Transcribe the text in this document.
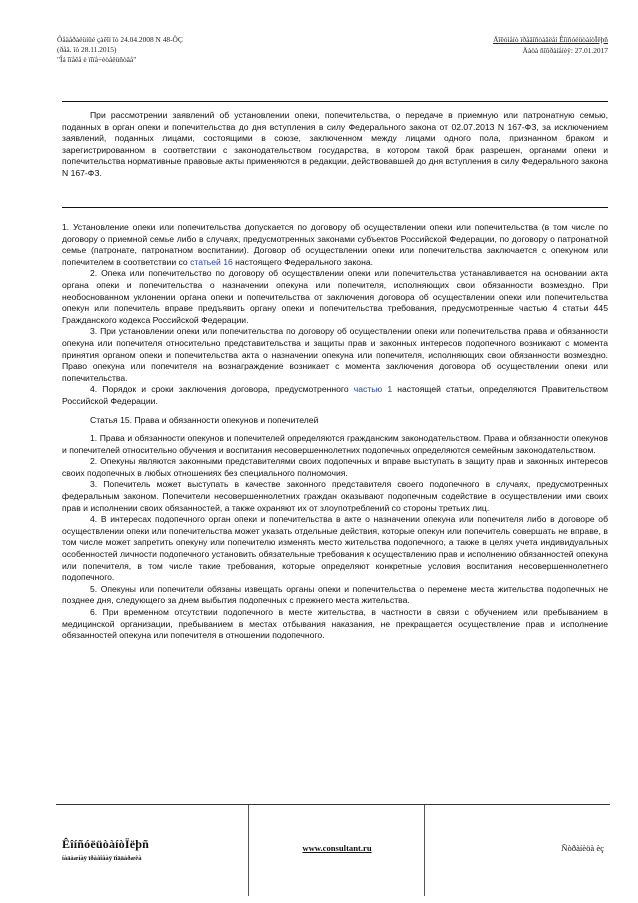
Ôåäåðàëüíûé çàêîí îò 24.04.2008 N 48-ÔÇ
(ðåä. îò 28.11.2015)
"Îá îïåêå è ïîïå÷èòåëüñòâå"
Äîêóìåíò ïðåäîñòàâëåí ÊîíñóëüòàíòÏëþñ
Äàòà ñîõðàíåíèÿ: 27.01.2017

При рассмотрении заявлений об установлении опеки, попечительства, о передаче в приемную или патронатную семью, поданных в орган опеки и попечительства до дня вступления в силу Федерального закона от 02.07.2013 N 167-ФЗ, за исключением заявлений, поданных лицами, состоящими в союзе, заключенном между лицами одного пола, признанном браком и зарегистрированном в соответствии с законодательством государства, в котором такой брак разрешен, органами опеки и попечительства нормативные правовые акты применяются в редакции, действовавшей до дня вступления в силу Федерального закона N 167-ФЗ.

1. Установление опеки или попечительства допускается по договору об осуществлении опеки или попечительства (в том числе по договору о приемной семье либо в случаях, предусмотренных законами субъектов Российской Федерации, по договору о патронатной семье (патронате, патронатном воспитании). Договор об осуществлении опеки или попечительства заключается с опекуном или попечителем в соответствии со статьей 16 настоящего Федерального закона.

2. Опека или попечительство по договору об осуществлении опеки или попечительства устанавливается на основании акта органа опеки и попечительства о назначении опекуна или попечителя, исполняющих свои обязанности возмездно. При необоснованном уклонении органа опеки и попечительства от заключения договора об осуществлении опеки или попечительства опекун или попечитель вправе предъявить органу опеки и попечительства требования, предусмотренные частью 4 статьи 445 Гражданского кодекса Российской Федерации.

3. При установлении опеки или попечительства по договору об осуществлении опеки или попечительства права и обязанности опекуна или попечителя относительно представительства и защиты прав и законных интересов подопечного возникают с момента принятия органом опеки и попечительства акта о назначении опекуна или попечителя, исполняющих свои обязанности возмездно. Право опекуна или попечителя на вознаграждение возникает с момента заключения договора об осуществлении опеки или попечительства.

4. Порядок и сроки заключения договора, предусмотренного частью 1 настоящей статьи, определяются Правительством Российской Федерации.

Статья 15. Права и обязанности опекунов и попечителей

1. Права и обязанности опекунов и попечителей определяются гражданским законодательством. Права и обязанности опекунов и попечителей относительно обучения и воспитания несовершеннолетних подопечных определяются семейным законодательством.

2. Опекуны являются законными представителями своих подопечных и вправе выступать в защиту прав и законных интересов своих подопечных в любых отношениях без специального полномочия.

3. Попечитель может выступать в качестве законного представителя своего подопечного в случаях, предусмотренных федеральным законом. Попечители несовершеннолетних граждан оказывают подопечным содействие в осуществлении ими своих прав и исполнении своих обязанностей, а также охраняют их от злоупотреблений со стороны третьих лиц.

4. В интересах подопечного орган опеки и попечительства в акте о назначении опекуна или попечителя либо в договоре об осуществлении опеки или попечительства может указать отдельные действия, которые опекун или попечитель совершать не вправе, в том числе может запретить опекуну или попечителю изменять место жительства подопечного, а также в целях учета индивидуальных особенностей личности подопечного установить обязательные требования к осуществлению прав и исполнению обязанностей опекуна или попечителя, в том числе такие требования, которые определяют конкретные условия воспитания несовершеннолетнего подопечного.

5. Опекуны или попечители обязаны извещать органы опеки и попечительства о перемене места жительства подопечных не позднее дня, следующего за днем выбытия подопечных с прежнего места жительства.

6. При временном отсутствии подопечного в месте жительства, в частности в связи с обучением или пребыванием в медицинской организации, пребыванием в местах отбывания наказания, не прекращается осуществление прав и исполнение обязанностей опекуна или попечителя в отношении подопечного.

ÊîíñóëüòàíòÏëþñ
íàäåæíàÿ ïðàâîâàÿ ïîääåðæêà
www.consultant.ru	Ñòðàíèöà èç
